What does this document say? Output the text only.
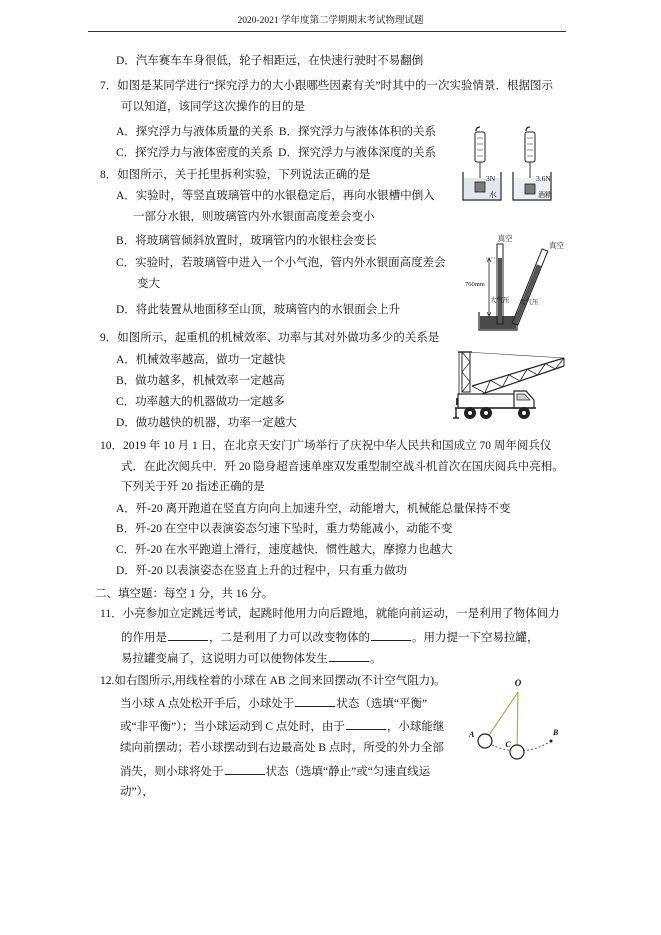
2020-2021 学年度第二学期期末考试物理试题
D．汽车赛车车身很低，轮子相距远，在快速行驶时不易翻倒
7．如图是某同学进行“探究浮力的大小跟哪些因素有关”时其中的一次实验情景．根据图示
可以知道，该同学这次操作的目的是
A．探究浮力与液体质量的关系 B．探究浮力与液体体积的关系
C．探究浮力与液体密度的关系 D．探究浮力与液体深度的关系
3N
水
3.6N
酒精
8．如图所示，关于托里拆利实验，下列说法正确的是
A．实验时，等竖直玻璃管中的水银稳定后，再向水银槽中倒入
一部分水银，则玻璃管内外水银面高度差会变小
B．将玻璃管倾斜放置时，玻璃管内的水银柱会变长
C．实验时，若玻璃管中进入一个小气泡，管内外水银面高度差会
变大
D．将此装置从地面移至山顶，玻璃管内的水银面会上升
760mm
真空
真空
大气压 大气压
9．如图所示，起重机的机械效率、功率与其对外做功多少的关系是
A．机械效率越高，做功一定越快
B．做功越多，机械效率一定越高
C．功率越大的机器做功一定越多
D．做功越快的机器，功率一定越大
10．2019 年 10 月 1 日，在北京天安门广场举行了庆祝中华人民共和国成立 70 周年阅兵仪
式．在此次阅兵中．歼 20 隐身超音速单座双发重型制空战斗机首次在国庆阅兵中亮相。
下列关于歼 20 指述正确的是
A．歼-20 离开跑道在竖直方向向上加速升空，动能增大，机械能总量保持不变
B．歼-20 在空中以表演姿态匀速下坠时，重力势能减小，动能不变
C．歼-20 在水平跑道上滑行，速度越快．惯性越大，摩擦力也越大
D．歼-20 以表演姿态在竖直上升的过程中，只有重力做功
二、填空题：每空 1 分，共 16 分。
11．小亮参加立定跳远考试，起跳时他用力向后蹬地，就能向前运动，一是利用了物体间力
的作用是	，二是利用了力可以改变物体的	。用力提一下空易拉罐，
易拉罐变扁了，这说明力可以使物体发生	。
12.如右图所示,用线栓着的小球在 AB 之间来回摆动(不计空气阻力)。
当小球 A 点处松开手后，小球处于	状态（选填“平衡”
或“非平衡”）；当小球运动到 C 点处时，由于	，小球能继
续向前摆动；若小球摆动到右边最高处 B 点时，所受的外力全部
消失，则小球将处于	状态（选填“静止”或“匀速直线运
动”），
O
A
C
B
